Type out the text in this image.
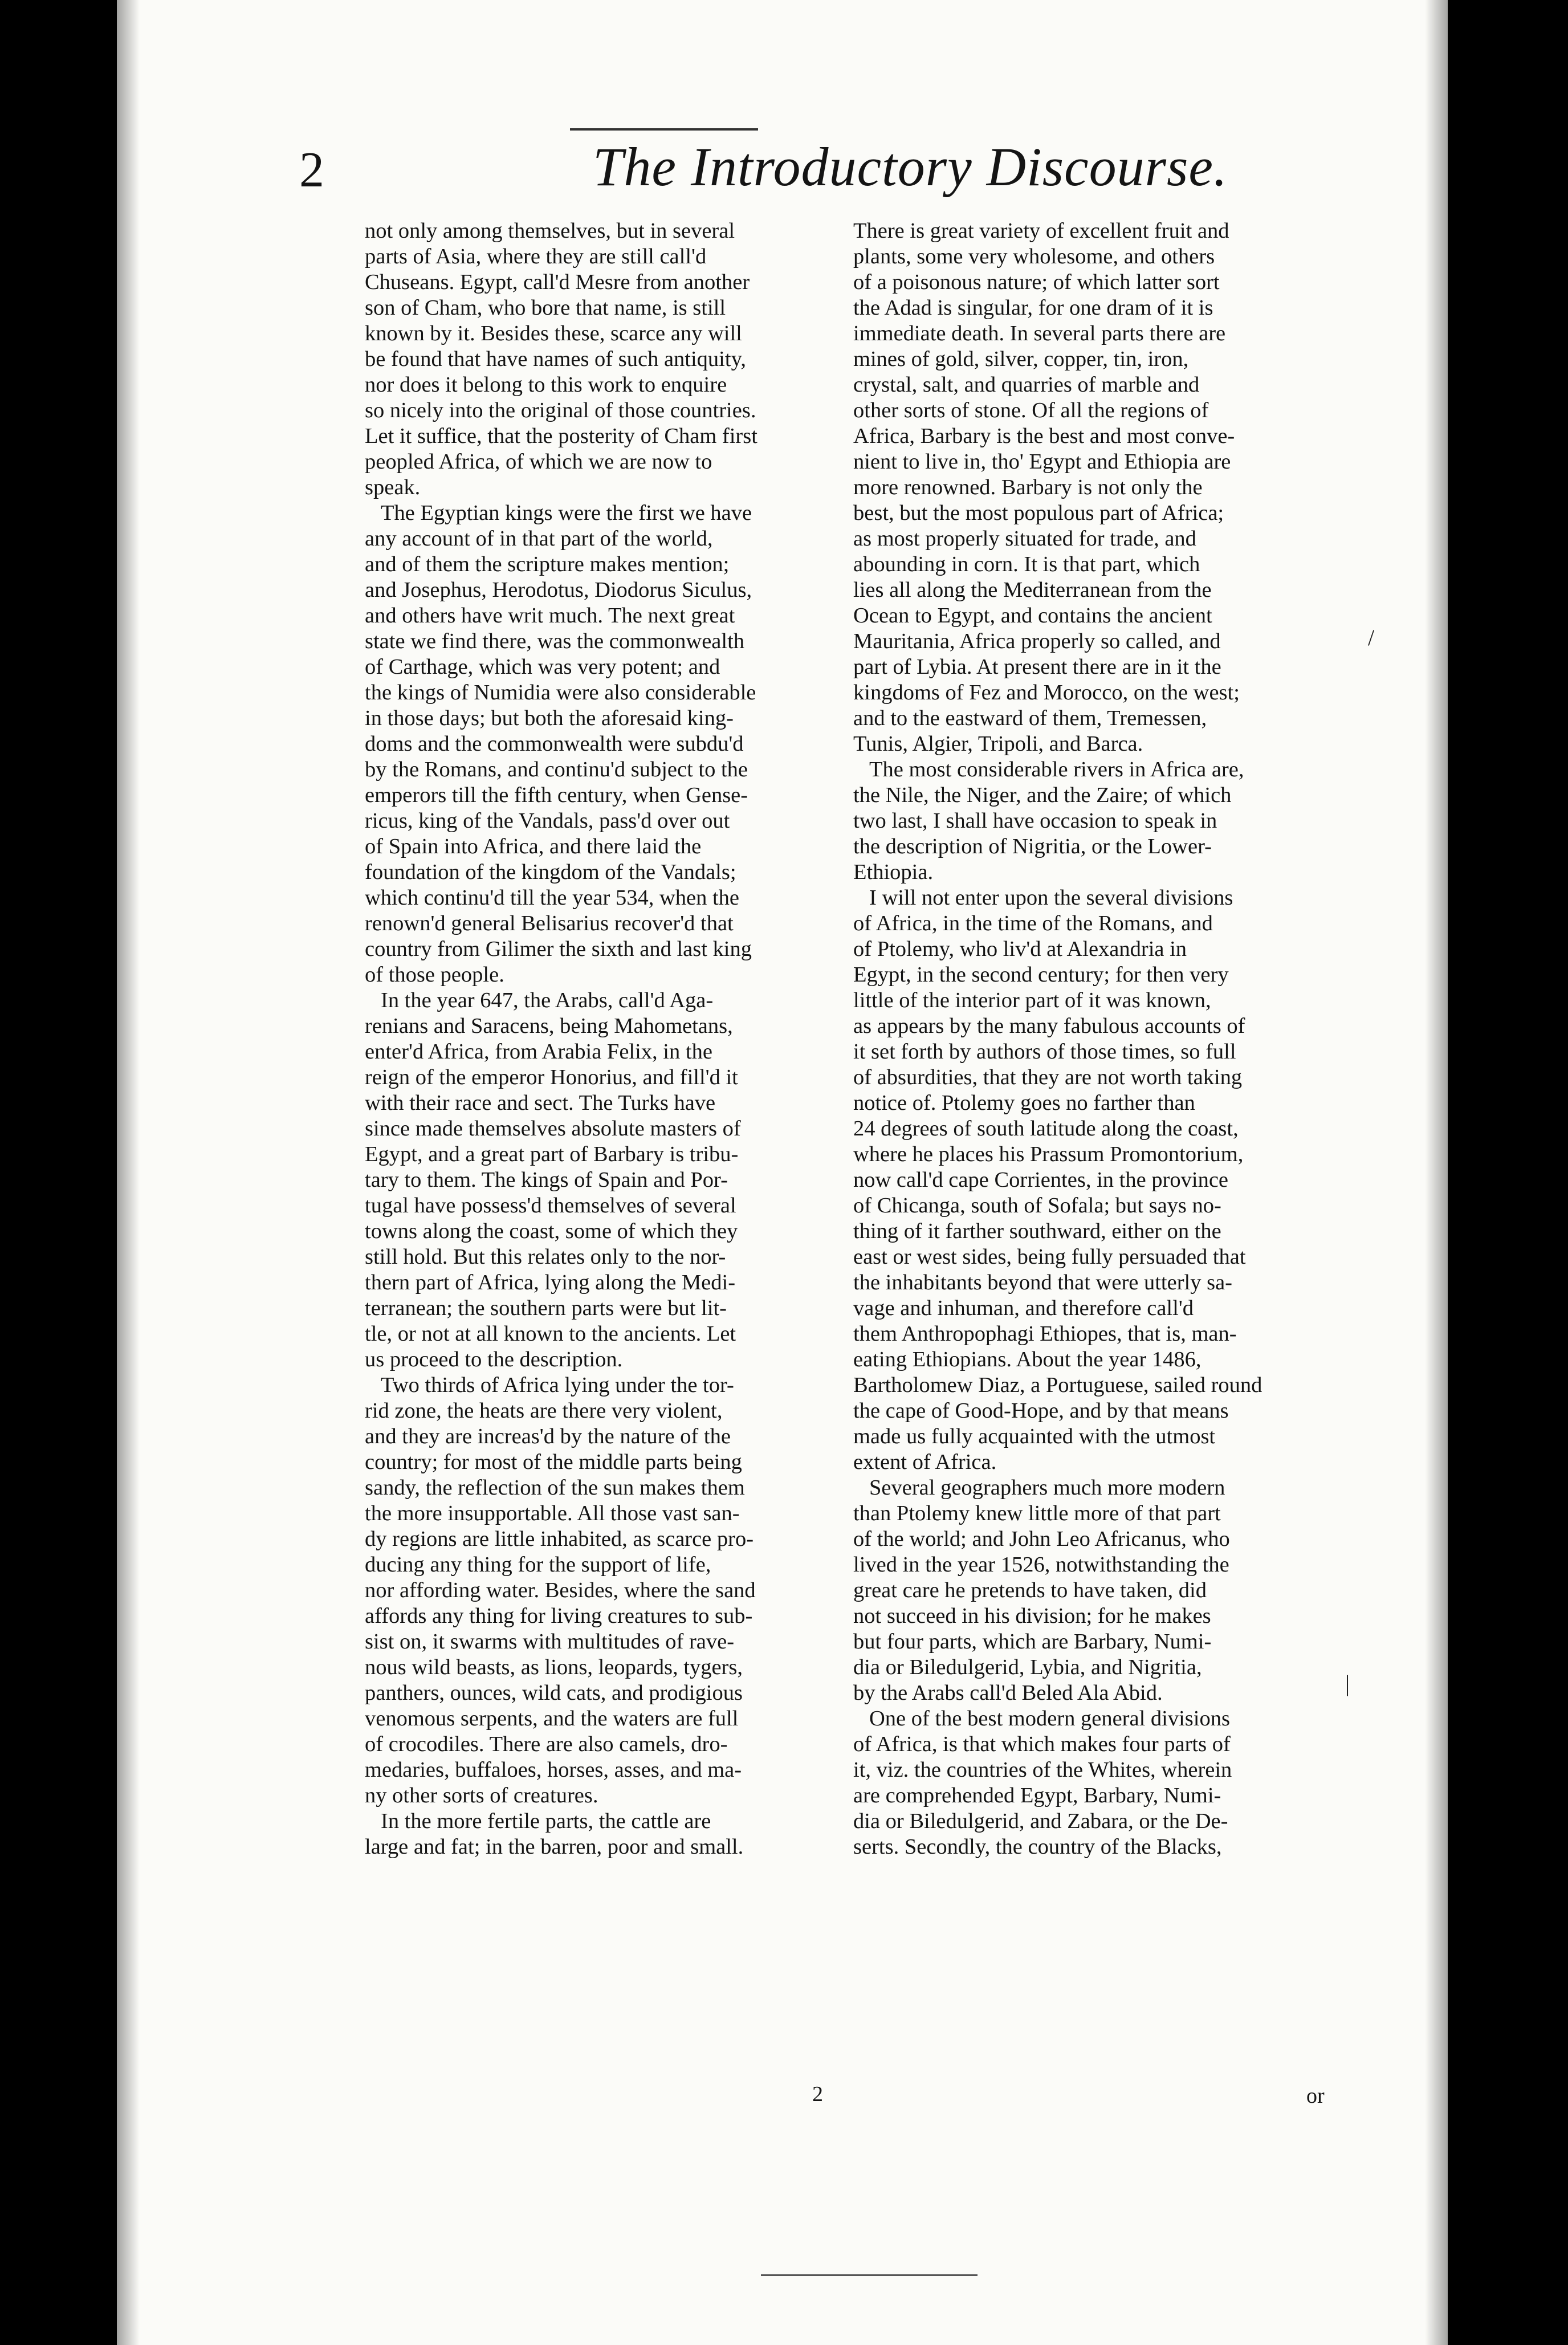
2	The Introductory Discourse.
not only among themselves, but in several
parts of Asia, where they are still call'd
Chuseans. Egypt, call'd Mesre from another
son of Cham, who bore that name, is still
known by it. Besides these, scarce any will
be found that have names of such antiquity,
nor does it belong to this work to enquire
so nicely into the original of those countries.
Let it suffice, that the posterity of Cham first
peopled Africa, of which we are now to
speak.
The Egyptian kings were the first we have
any account of in that part of the world,
and of them the scripture makes mention;
and Josephus, Herodotus, Diodorus Siculus,
and others have writ much. The next great
state we find there, was the commonwealth
of Carthage, which was very potent; and
the kings of Numidia were also considerable
in those days; but both the aforesaid king-
doms and the commonwealth were subdu'd
by the Romans, and continu'd subject to the
emperors till the fifth century, when Gense-
ricus, king of the Vandals, pass'd over out
of Spain into Africa, and there laid the
foundation of the kingdom of the Vandals;
which continu'd till the year 534, when the
renown'd general Belisarius recover'd that
country from Gilimer the sixth and last king
of those people.
In the year 647, the Arabs, call'd Aga-
renians and Saracens, being Mahometans,
enter'd Africa, from Arabia Felix, in the
reign of the emperor Honorius, and fill'd it
with their race and sect. The Turks have
since made themselves absolute masters of
Egypt, and a great part of Barbary is tribu-
tary to them. The kings of Spain and Por-
tugal have possess'd themselves of several
towns along the coast, some of which they
still hold. But this relates only to the nor-
thern part of Africa, lying along the Medi-
terranean; the southern parts were but lit-
tle, or not at all known to the ancients. Let
us proceed to the description.
Two thirds of Africa lying under the tor-
rid zone, the heats are there very violent,
and they are increas'd by the nature of the
country; for most of the middle parts being
sandy, the reflection of the sun makes them
the more insupportable. All those vast san-
dy regions are little inhabited, as scarce pro-
ducing any thing for the support of life,
nor affording water. Besides, where the sand
affords any thing for living creatures to sub-
sist on, it swarms with multitudes of rave-
nous wild beasts, as lions, leopards, tygers,
panthers, ounces, wild cats, and prodigious
venomous serpents, and the waters are full
of crocodiles. There are also camels, dro-
medaries, buffaloes, horses, asses, and ma-
ny other sorts of creatures.
In the more fertile parts, the cattle are
large and fat; in the barren, poor and small.
There is great variety of excellent fruit and
plants, some very wholesome, and others
of a poisonous nature; of which latter sort
the Adad is singular, for one dram of it is
immediate death. In several parts there are
mines of gold, silver, copper, tin, iron,
crystal, salt, and quarries of marble and
other sorts of stone. Of all the regions of
Africa, Barbary is the best and most conve-
nient to live in, tho' Egypt and Ethiopia are
more renowned. Barbary is not only the
best, but the most populous part of Africa;
as most properly situated for trade, and
abounding in corn. It is that part, which
lies all along the Mediterranean from the
Ocean to Egypt, and contains the ancient
Mauritania, Africa properly so called, and
part of Lybia. At present there are in it the
kingdoms of Fez and Morocco, on the west;
and to the eastward of them, Tremessen,
Tunis, Algier, Tripoli, and Barca.
The most considerable rivers in Africa are,
the Nile, the Niger, and the Zaire; of which
two last, I shall have occasion to speak in
the description of Nigritia, or the Lower-
Ethiopia.
I will not enter upon the several divisions
of Africa, in the time of the Romans, and
of Ptolemy, who liv'd at Alexandria in
Egypt, in the second century; for then very
little of the interior part of it was known,
as appears by the many fabulous accounts of
it set forth by authors of those times, so full
of absurdities, that they are not worth taking
notice of. Ptolemy goes no farther than
24 degrees of south latitude along the coast,
where he places his Prassum Promontorium,
now call'd cape Corrientes, in the province
of Chicanga, south of Sofala; but says no-
thing of it farther southward, either on the
east or west sides, being fully persuaded that
the inhabitants beyond that were utterly sa-
vage and inhuman, and therefore call'd
them Anthropophagi Ethiopes, that is, man-
eating Ethiopians. About the year 1486,
Bartholomew Diaz, a Portuguese, sailed round
the cape of Good-Hope, and by that means
made us fully acquainted with the utmost
extent of Africa.
Several geographers much more modern
than Ptolemy knew little more of that part
of the world; and John Leo Africanus, who
lived in the year 1526, notwithstanding the
great care he pretends to have taken, did
not succeed in his division; for he makes
but four parts, which are Barbary, Numi-
dia or Biledulgerid, Lybia, and Nigritia,
by the Arabs call'd Beled Ala Abid.
One of the best modern general divisions
of Africa, is that which makes four parts of
it, viz. the countries of the Whites, wherein
are comprehended Egypt, Barbary, Numi-
dia or Biledulgerid, and Zabara, or the De-
serts. Secondly, the country of the Blacks,
2	or
/
|
